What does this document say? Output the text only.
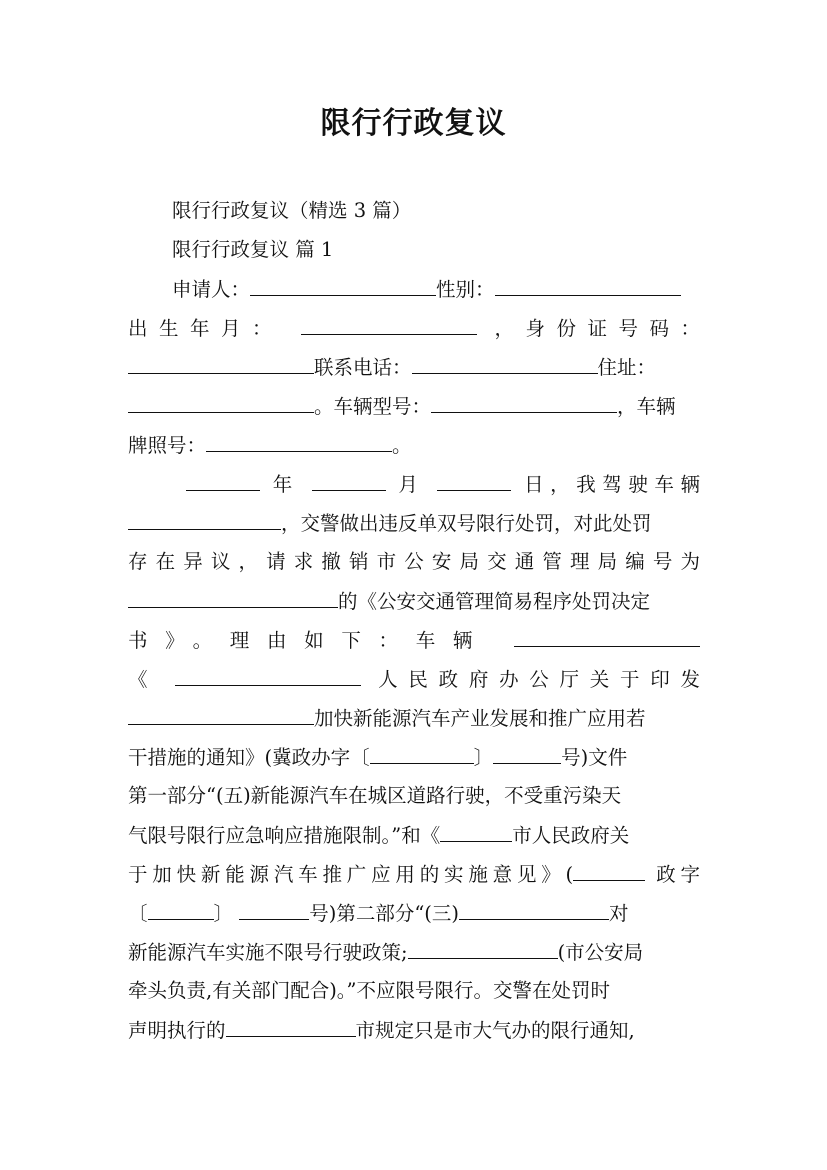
限行行政复议
限行行政复议（精选 3 篇）
限行行政复议 篇 1
申请人：	性别：
出生年月：	，身份证号码：
联系电话：	住址：
。车辆型号：	，车辆
牌照号：	。
年	月	日，我驾驶车辆
，交警做出违反单双号限行处罚，对此处罚
存在异议，请求撤销市公安局交通管理局编号为
的《公安交通管理简易程序处罚决定
书》。理由如下：车辆
《	人民政府办公厅关于印发
加快新能源汽车产业发展和推广应用若
干措施的通知》(冀政办字〔	〕	号)文件
第一部分“(五)新能源汽车在城区道路行驶，不受重污染天
气限号限行应急响应措施限制。”和《	市人民政府关
于加快新能源汽车推广应用的实施意见》(	政字
〔	〕	号)第二部分“(三)	对
新能源汽车实施不限号行驶政策;	(市公安局
牵头负责,有关部门配合)。”不应限号限行。交警在处罚时
声明执行的	市规定只是市大气办的限行通知,
